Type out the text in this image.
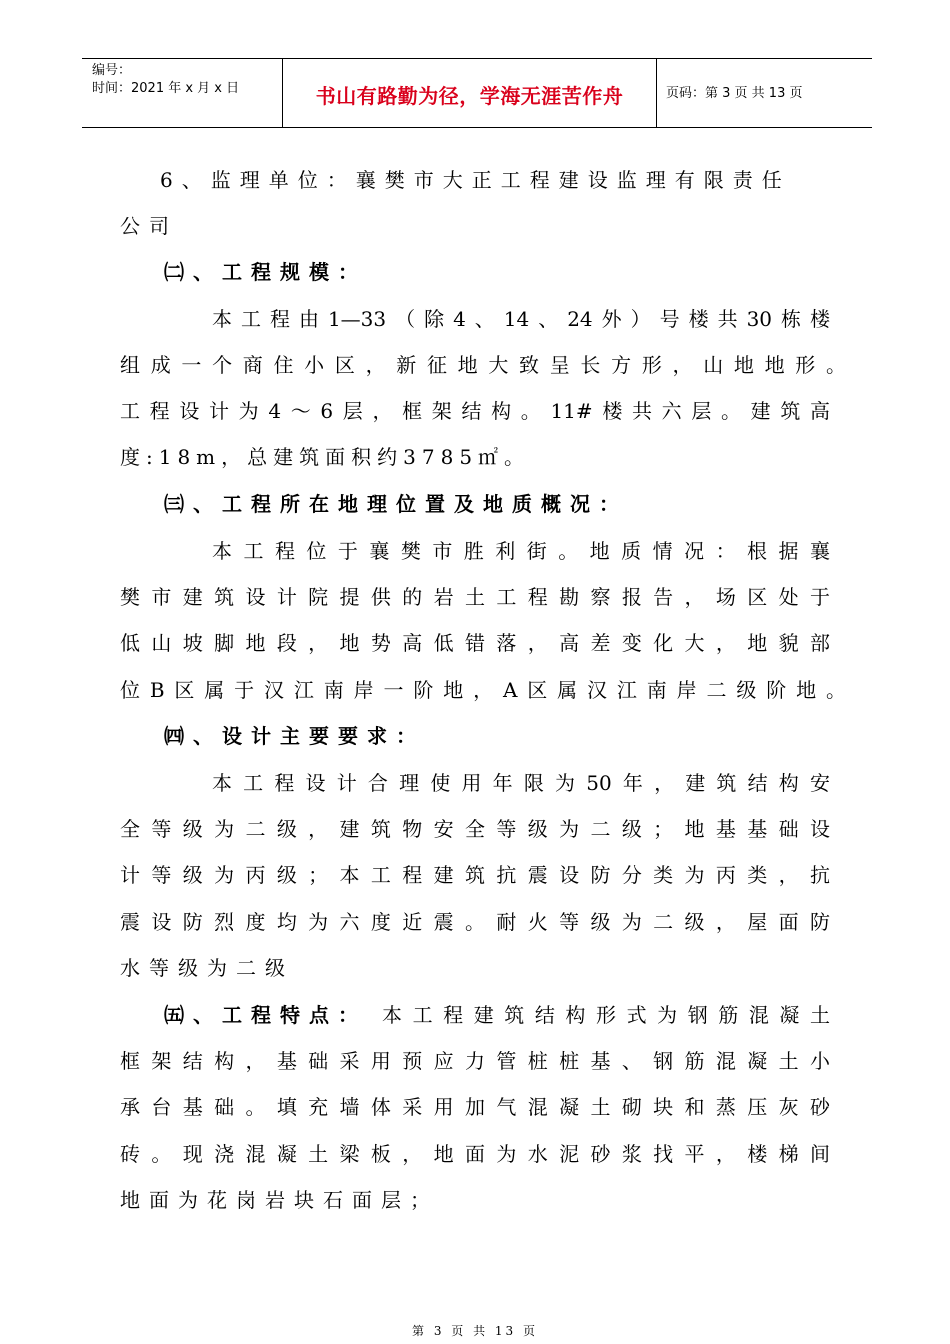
编号：
时间：2021 年 x 月 x 日	书山有路勤为径，学海无涯苦作舟	页码：第 3 页 共 13 页
6、监理单位：襄樊市大正工程建设监理有限责任
公司
㈡、工程规模：
本工程由1—33（除4、14、24外）号楼共30栋楼
组成一个商住小区，新征地大致呈长方形，山地地形。
工程设计为4～6层，框架结构。11#楼共六层。建筑高
度:18m，总建筑面积约3785㎡。
㈢、工程所在地理位置及地质概况：
本工程位于襄樊市胜利街。地质情况：根据襄
樊市建筑设计院提供的岩土工程勘察报告，场区处于
低山坡脚地段，地势高低错落，高差变化大，地貌部
位B区属于汉江南岸一阶地，A区属汉江南岸二级阶地。
㈣、设计主要要求：
本工程设计合理使用年限为50年，建筑结构安
全等级为二级，建筑物安全等级为二级；地基基础设
计等级为丙级；本工程建筑抗震设防分类为丙类，抗
震设防烈度均为六度近震。耐火等级为二级，屋面防
水等级为二级
㈤、工程特点： 本工程建筑结构形式为钢筋混凝土
框架结构，基础采用预应力管桩桩基、钢筋混凝土小
承台基础。填充墙体采用加气混凝土砌块和蒸压灰砂
砖。现浇混凝土梁板，地面为水泥砂浆找平，楼梯间
地面为花岗岩块石面层；
第 3 页 共 13 页
